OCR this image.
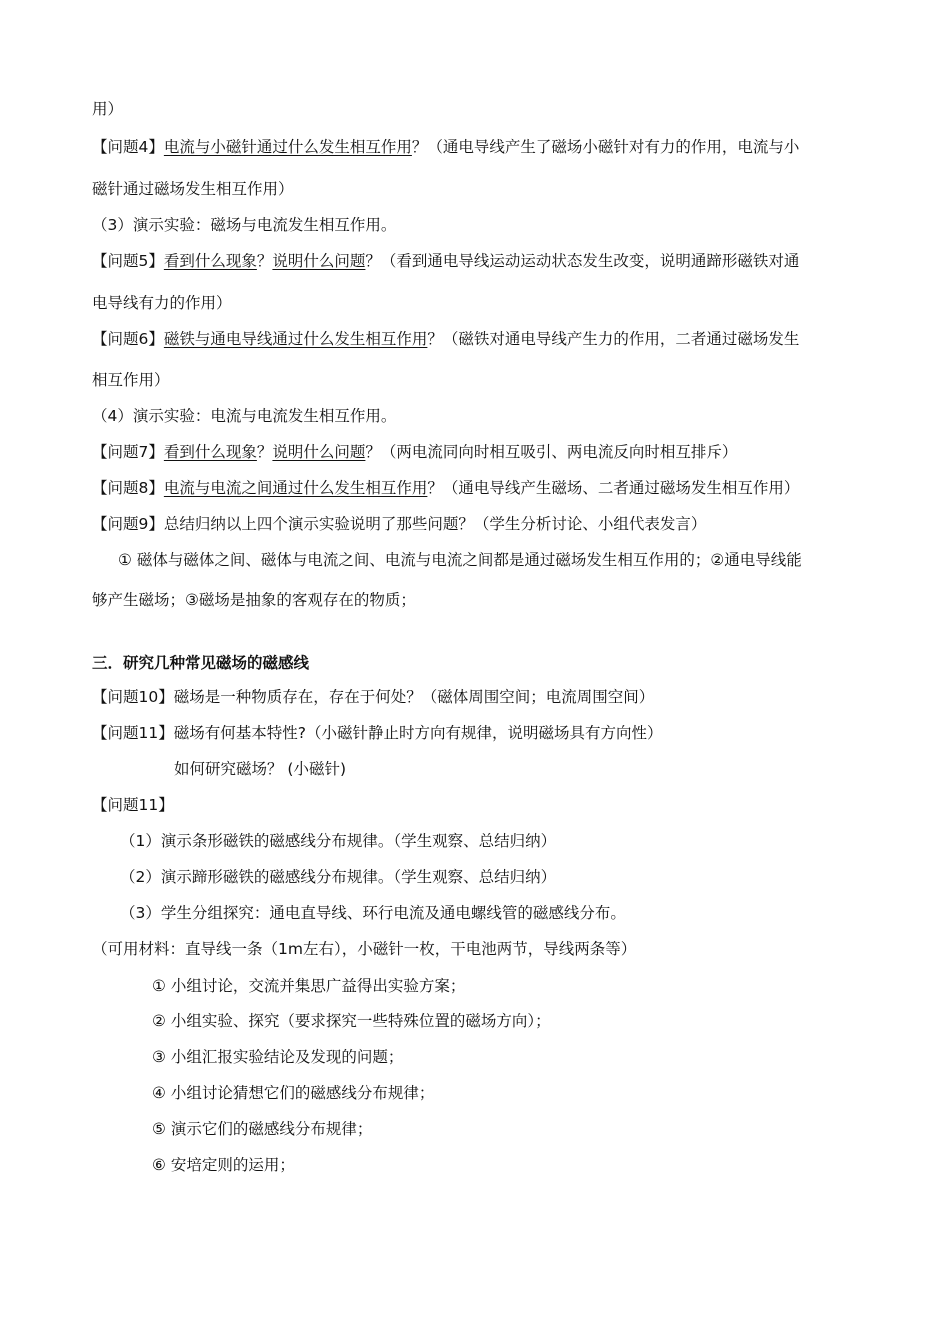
用）
【问题4】电流与小磁针通过什么发生相互作用？（通电导线产生了磁场小磁针对有力的作用，电流与小
磁针通过磁场发生相互作用）
（3）演示实验：磁场与电流发生相互作用。
【问题5】看到什么现象？说明什么问题？（看到通电导线运动运动状态发生改变，说明通蹄形磁铁对通
电导线有力的作用）
【问题6】磁铁与通电导线通过什么发生相互作用？（磁铁对通电导线产生力的作用，二者通过磁场发生
相互作用）
（4）演示实验：电流与电流发生相互作用。
【问题7】看到什么现象？说明什么问题？（两电流同向时相互吸引、两电流反向时相互排斥）
【问题8】电流与电流之间通过什么发生相互作用？（通电导线产生磁场、二者通过磁场发生相互作用）
【问题9】总结归纳以上四个演示实验说明了那些问题？（学生分析讨论、小组代表发言）
① 磁体与磁体之间、磁体与电流之间、电流与电流之间都是通过磁场发生相互作用的；②通电导线能
够产生磁场；③磁场是抽象的客观存在的物质；
三．研究几种常见磁场的磁感线
【问题10】磁场是一种物质存在，存在于何处？（磁体周围空间；电流周围空间）
【问题11】磁场有何基本特性?（小磁针静止时方向有规律，说明磁场具有方向性）
如何研究磁场？ (小磁针)
【问题11】
（1）演示条形磁铁的磁感线分布规律。（学生观察、总结归纳）
（2）演示蹄形磁铁的磁感线分布规律。（学生观察、总结归纳）
（3）学生分组探究：通电直导线、环行电流及通电螺线管的磁感线分布。
（可用材料：直导线一条（1m左右），小磁针一枚，干电池两节，导线两条等）
① 小组讨论，交流并集思广益得出实验方案；
② 小组实验、探究（要求探究一些特殊位置的磁场方向）；
③ 小组汇报实验结论及发现的问题；
④ 小组讨论猜想它们的磁感线分布规律；
⑤ 演示它们的磁感线分布规律；
⑥ 安培定则的运用；
